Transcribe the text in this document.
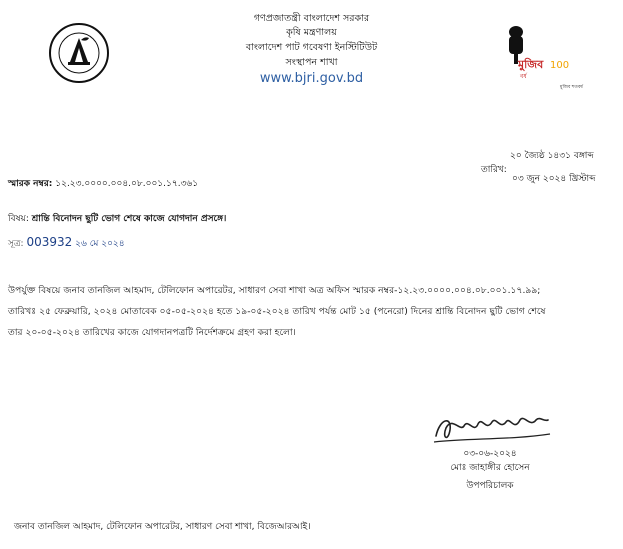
গণপ্রজাতন্ত্রী বাংলাদেশ সরকার
কৃষি মন্ত্রণালয়
বাংলাদেশ পাট গবেষণা ইনস্টিটিউট
সংস্থাপন শাখা
www.bjri.gov.bd
মুজিব 100
বর্ষ
মুজিব শতবর্ষ
২০ জ্যৈষ্ঠ ১৪৩১ বঙ্গাব্দ
তারিখ:
০৩ জুন ২০২৪ খ্রিস্টাব্দ
স্মারক নম্বর: ১২.২৩.০০০০.০০৪.০৮.০০১.১৭.৩৬১
বিষয়: শ্রান্তি বিনোদন ছুটি ভোগ শেষে কাজে যোগদান প্রসঙ্গে।
সূত্র: 003932 ২৬ মে ২০২৪
উপর্যুক্ত বিষয়ে জনাব তানজিল আহমাদ, টেলিফোন অপারেটর, সাধারণ সেবা শাখা অত্র অফিস স্মারক নম্বর-১২.২৩.০০০০.০০৪.০৮.০০১.১৭.৯৯;
তারিখঃ ২৫ ফেব্রুয়ারি, ২০২৪ মোতাবেক ০৫-০৫-২০২৪ হতে ১৯-০৫-২০২৪ তারিখ পর্যন্ত মোট ১৫ (পনেরো) দিনের শ্রান্তি বিনোদন ছুটি ভোগ শেষে
তার ২০-০৫-২০২৪ তারিখের কাজে যোগদানপত্রটি নির্দেশক্রমে গ্রহণ করা হলো।
০৩-০৬-২০২৪
মোঃ জাহাঙ্গীর হোসেন
উপপরিচালক
জনাব তানজিল আহমাদ, টেলিফোন অপারেটর, সাধারণ সেবা শাখা, বিজেআরআই।
